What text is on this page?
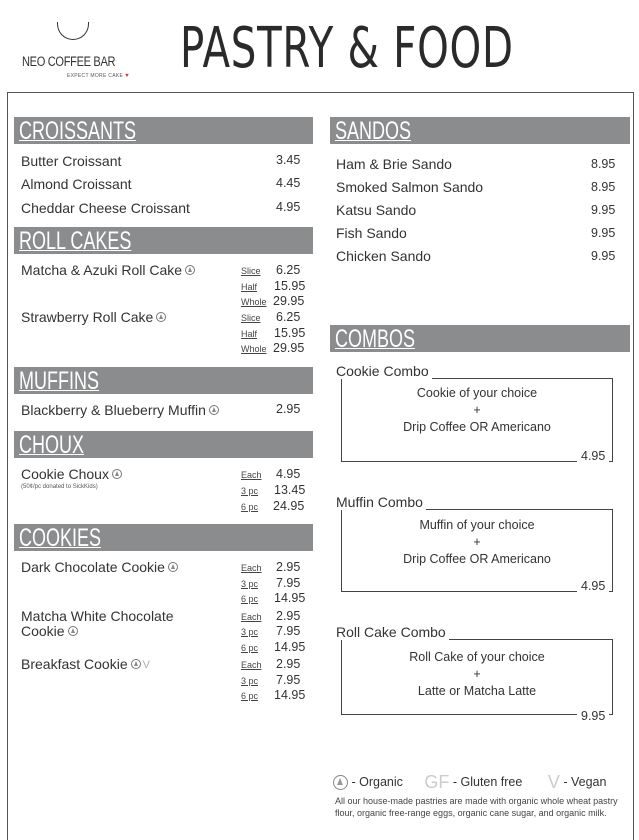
NEO COFFEE BAR
EXPECT MORE CAKE ♥ PASTRY & FOOD
CROISSANTS
Butter Croissant	3.45
Almond Croissant	4.45
Cheddar Cheese Croissant	4.95
ROLL CAKES
Matcha & Azuki Roll Cake	Slice 6.25
Half 15.95
Whole 29.95
Strawberry Roll Cake	Slice 6.25
Half 15.95
Whole 29.95
MUFFINS
Blackberry & Blueberry Muffin	2.95
CHOUX
Cookie Choux
(50¢/pc donated to SickKids)
Each 4.95
3 pc 13.45
6 pc 24.95
COOKIES
Dark Chocolate Cookie	Each 2.95
3 pc 7.95
6 pc 14.95
Matcha White Chocolate
Cookie
Each 2.95
3 pc 7.95
6 pc 14.95
Breakfast Cookie V	Each 2.95
3 pc 7.95
6 pc 14.95
SANDOS
Ham & Brie Sando	8.95
Smoked Salmon Sando	8.95
Katsu Sando	9.95
Fish Sando	9.95
Chicken Sando	9.95
COMBOS
Cookie of your choice
+
Drip Coffee OR Americano
Cookie Combo
4.95
Muffin of your choice
+
Drip Coffee OR Americano
Muffin Combo
4.95
Roll Cake of your choice
+
Latte or Matcha Latte
Roll Cake Combo
9.95
- Organic GF - Gluten free V - Vegan
All our house-made pastries are made with organic whole wheat pastry flour, organic free-range eggs, organic cane sugar, and organic milk.
